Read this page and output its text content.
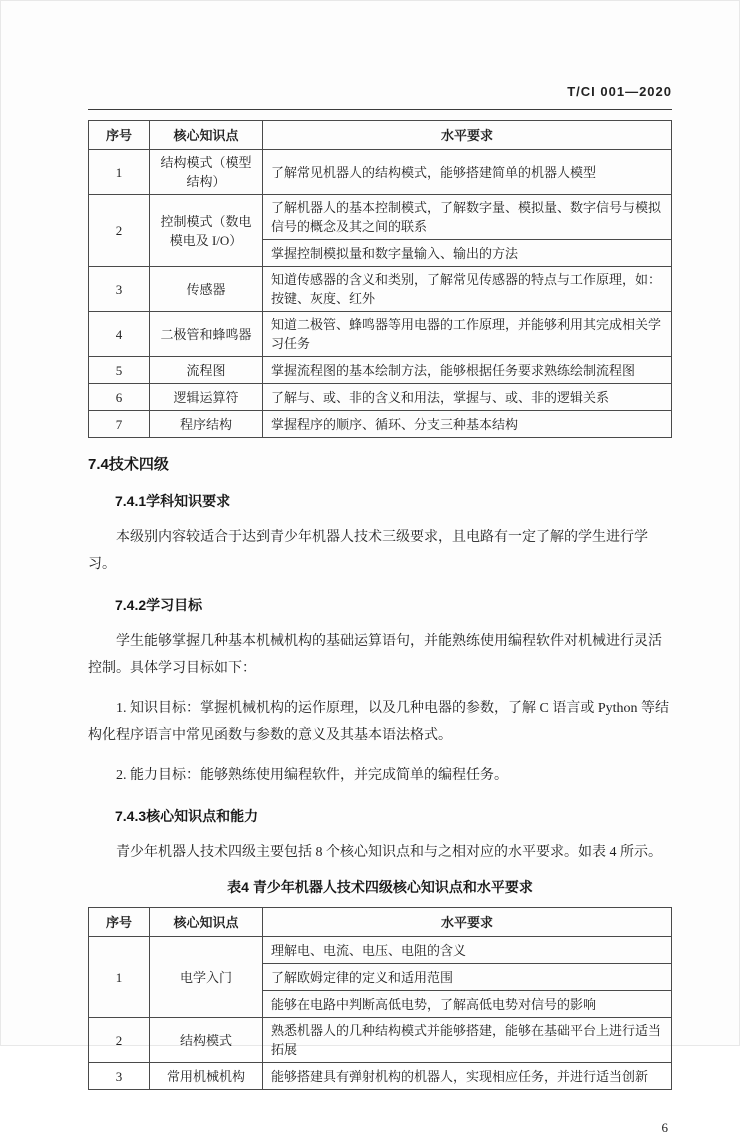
T/CI 001—2020
序号	核心知识点	水平要求
1	结构模式（模型结构）	了解常见机器人的结构模式，能够搭建简单的机器人模型
2	控制模式（数电模电及 I/O）	了解机器人的基本控制模式，了解数字量、模拟量、数字信号与模拟信号的概念及其之间的联系
		掌握控制模拟量和数字量输入、输出的方法
3	传感器	知道传感器的含义和类别，了解常见传感器的特点与工作原理，如：按键、灰度、红外
4	二极管和蜂鸣器	知道二极管、蜂鸣器等用电器的工作原理，并能够利用其完成相关学习任务
5	流程图	掌握流程图的基本绘制方法，能够根据任务要求熟练绘制流程图
6	逻辑运算符	了解与、或、非的含义和用法，掌握与、或、非的逻辑关系
7	程序结构	掌握程序的顺序、循环、分支三种基本结构
7.4技术四级
7.4.1学科知识要求

本级别内容较适合于达到青少年机器人技术三级要求，且电路有一定了解的学生进行学习。

7.4.2学习目标

学生能够掌握几种基本机械机构的基础运算语句，并能熟练使用编程软件对机械进行灵活控制。具体学习目标如下：

1. 知识目标：掌握机械机构的运作原理，以及几种电器的参数，了解 C 语言或 Python 等结构化程序语言中常见函数与参数的意义及其基本语法格式。

2. 能力目标：能够熟练使用编程软件，并完成简单的编程任务。

7.4.3核心知识点和能力

青少年机器人技术四级主要包括 8 个核心知识点和与之相对应的水平要求。如表 4 所示。

表4 青少年机器人技术四级核心知识点和水平要求
序号	核心知识点	水平要求
1	电学入门	理解电、电流、电压、电阻的含义
		了解欧姆定律的定义和适用范围
		能够在电路中判断高低电势，了解高低电势对信号的影响
2	结构模式	熟悉机器人的几种结构模式并能够搭建，能够在基础平台上进行适当拓展
3	常用机械机构	能够搭建具有弹射机构的机器人，实现相应任务，并进行适当创新
6
